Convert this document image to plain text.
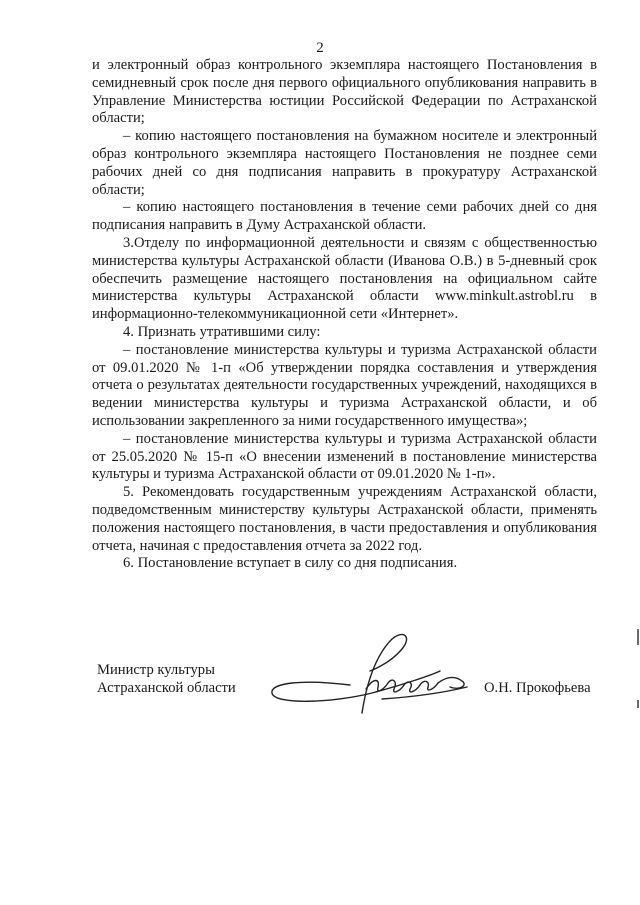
2

и электронный образ контрольного экземпляра настоящего Постановления в семидневный срок после дня первого официального опубликования направить в Управление Министерства юстиции Российской Федерации по Астраханской области;

– копию настоящего постановления на бумажном носителе и электронный образ контрольного экземпляра настоящего Постановления не позднее семи рабочих дней со дня подписания направить в прокуратуру Астраханской области;

– копию настоящего постановления в течение семи рабочих дней со дня подписания направить в Думу Астраханской области.

3.Отделу по информационной деятельности и связям с общественностью министерства культуры Астраханской области (Иванова О.В.) в 5-дневный срок обеспечить размещение настоящего постановления на официальном сайте министерства культуры Астраханской области www.minkult.astrobl.ru в информационно-телекоммуникационной сети «Интернет».

4. Признать утратившими силу:

– постановление министерства культуры и туризма Астраханской области от 09.01.2020 № 1-п «Об утверждении порядка составления и утверждения отчета о результатах деятельности государственных учреждений, находящихся в ведении министерства культуры и туризма Астраханской области, и об использовании закрепленного за ними государственного имущества»;

– постановление министерства культуры и туризма Астраханской области от 25.05.2020 № 15-п «О внесении изменений в постановление министерства культуры и туризма Астраханской области от 09.01.2020 № 1-п».

5. Рекомендовать государственным учреждениям Астраханской области, подведомственным министерству культуры Астраханской области, применять положения настоящего постановления, в части предоставления и опубликования отчета, начиная с предоставления отчета за 2022 год.

6. Постановление вступает в силу со дня подписания.

Министр культуры
Астраханской области	О.Н. Прокофьева
